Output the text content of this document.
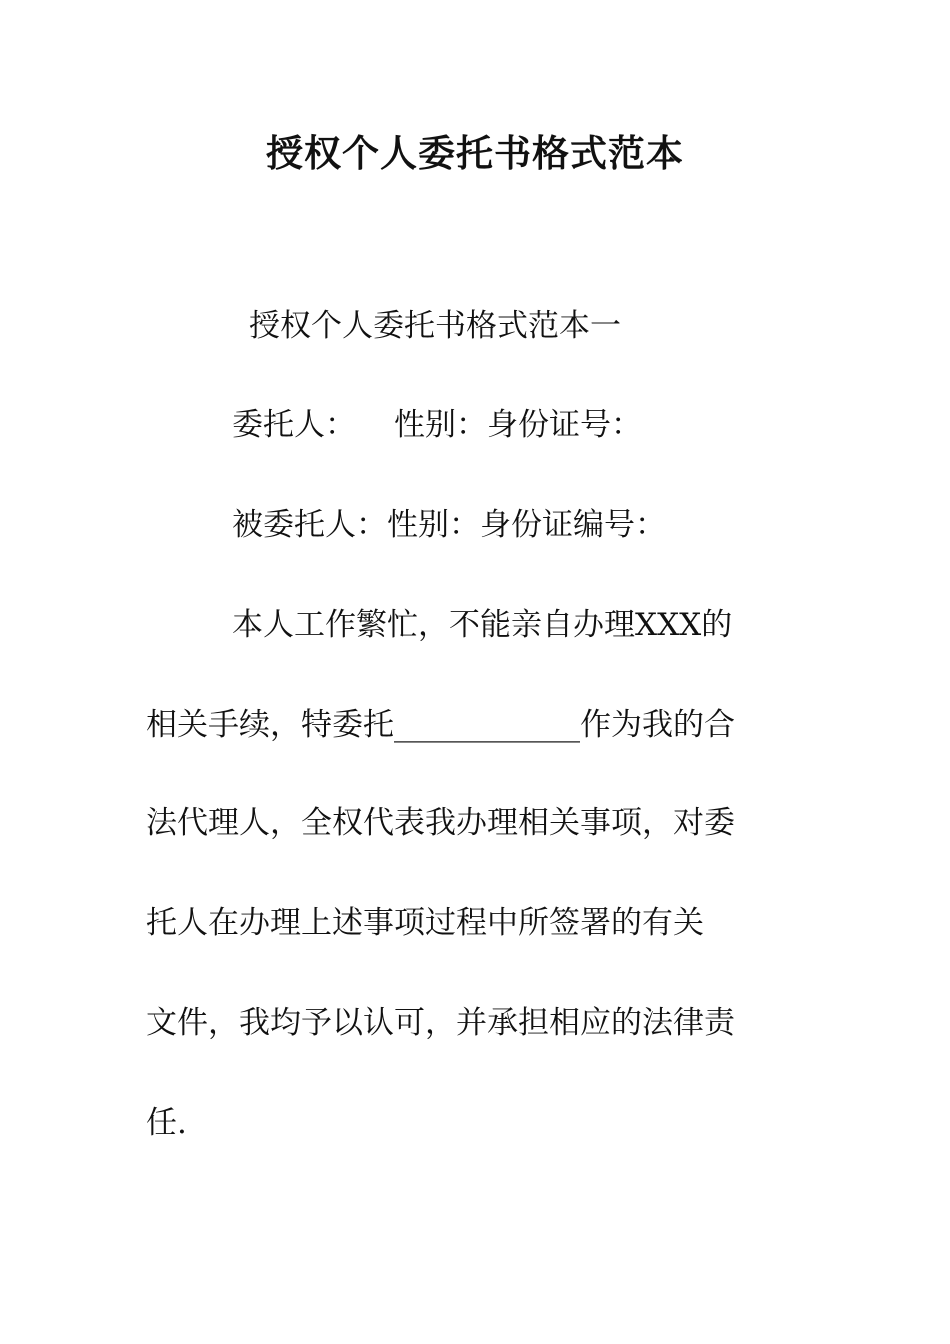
授权个人委托书格式范本

授权个人委托书格式范本一

委托人： 性别：身份证号：

被委托人：性别：身份证编号：

本人工作繁忙，不能亲自办理XXX的

相关手续，特委托____________作为我的合

法代理人，全权代表我办理相关事项，对委

托人在办理上述事项过程中所签署的有关

文件，我均予以认可，并承担相应的法律责

任.
